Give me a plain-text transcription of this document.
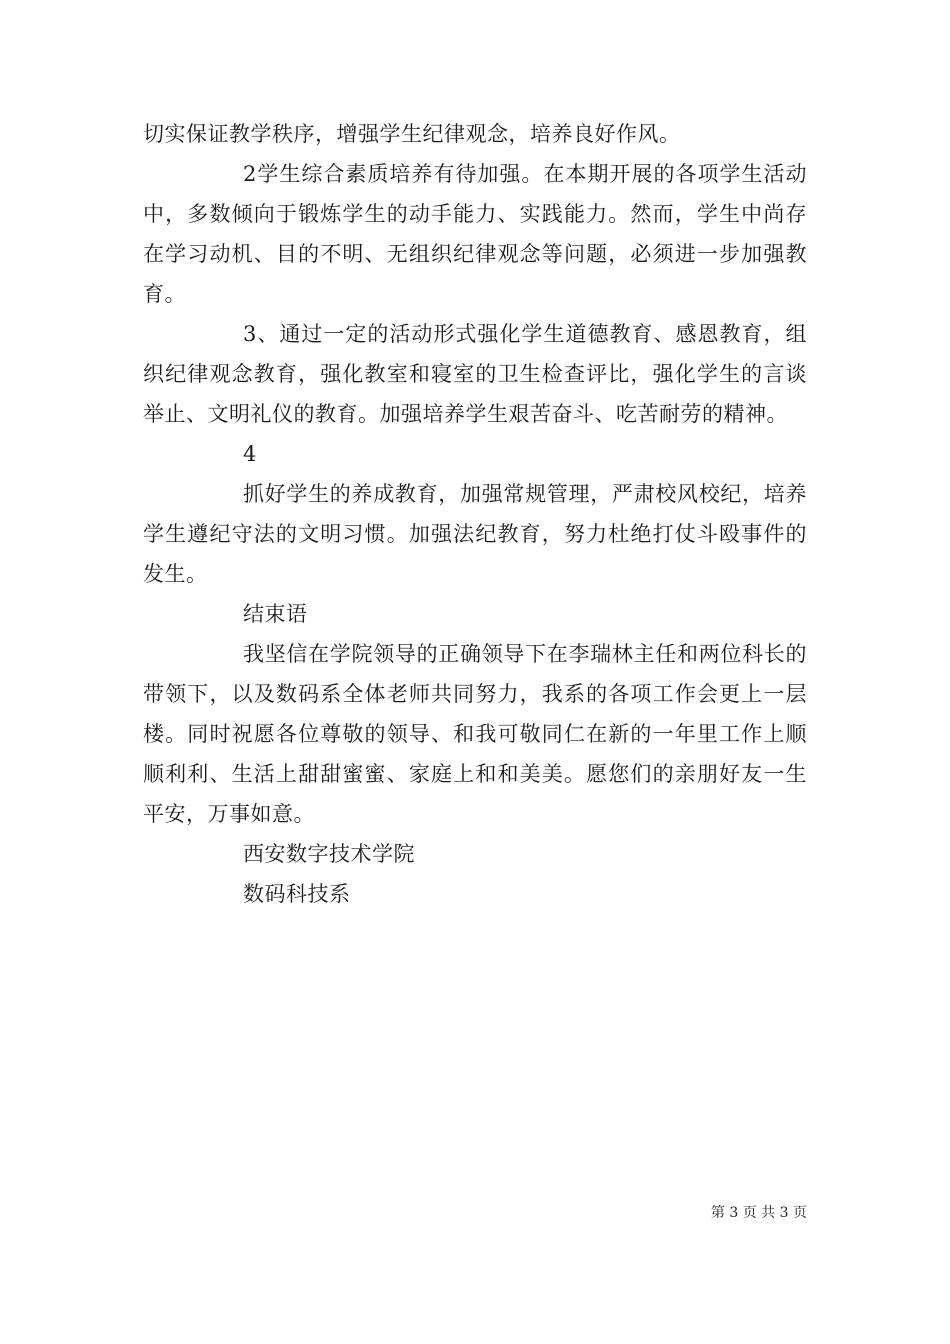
切实保证教学秩序，增强学生纪律观念，培养良好作风。

2学生综合素质培养有待加强。在本期开展的各项学生活动中，多数倾向于锻炼学生的动手能力、实践能力。然而，学生中尚存在学习动机、目的不明、无组织纪律观念等问题，必须进一步加强教育。

3、通过一定的活动形式强化学生道德教育、感恩教育，组织纪律观念教育，强化教室和寝室的卫生检查评比，强化学生的言谈举止、文明礼仪的教育。加强培养学生艰苦奋斗、吃苦耐劳的精神。

4

抓好学生的养成教育，加强常规管理，严肃校风校纪，培养学生遵纪守法的文明习惯。加强法纪教育，努力杜绝打仗斗殴事件的发生。

结束语

我坚信在学院领导的正确领导下在李瑞林主任和两位科长的带领下，以及数码系全体老师共同努力，我系的各项工作会更上一层楼。同时祝愿各位尊敬的领导、和我可敬同仁在新的一年里工作上顺顺利利、生活上甜甜蜜蜜、家庭上和和美美。愿您们的亲朋好友一生平安，万事如意。

西安数字技术学院

数码科技系

第 3 页 共 3 页
